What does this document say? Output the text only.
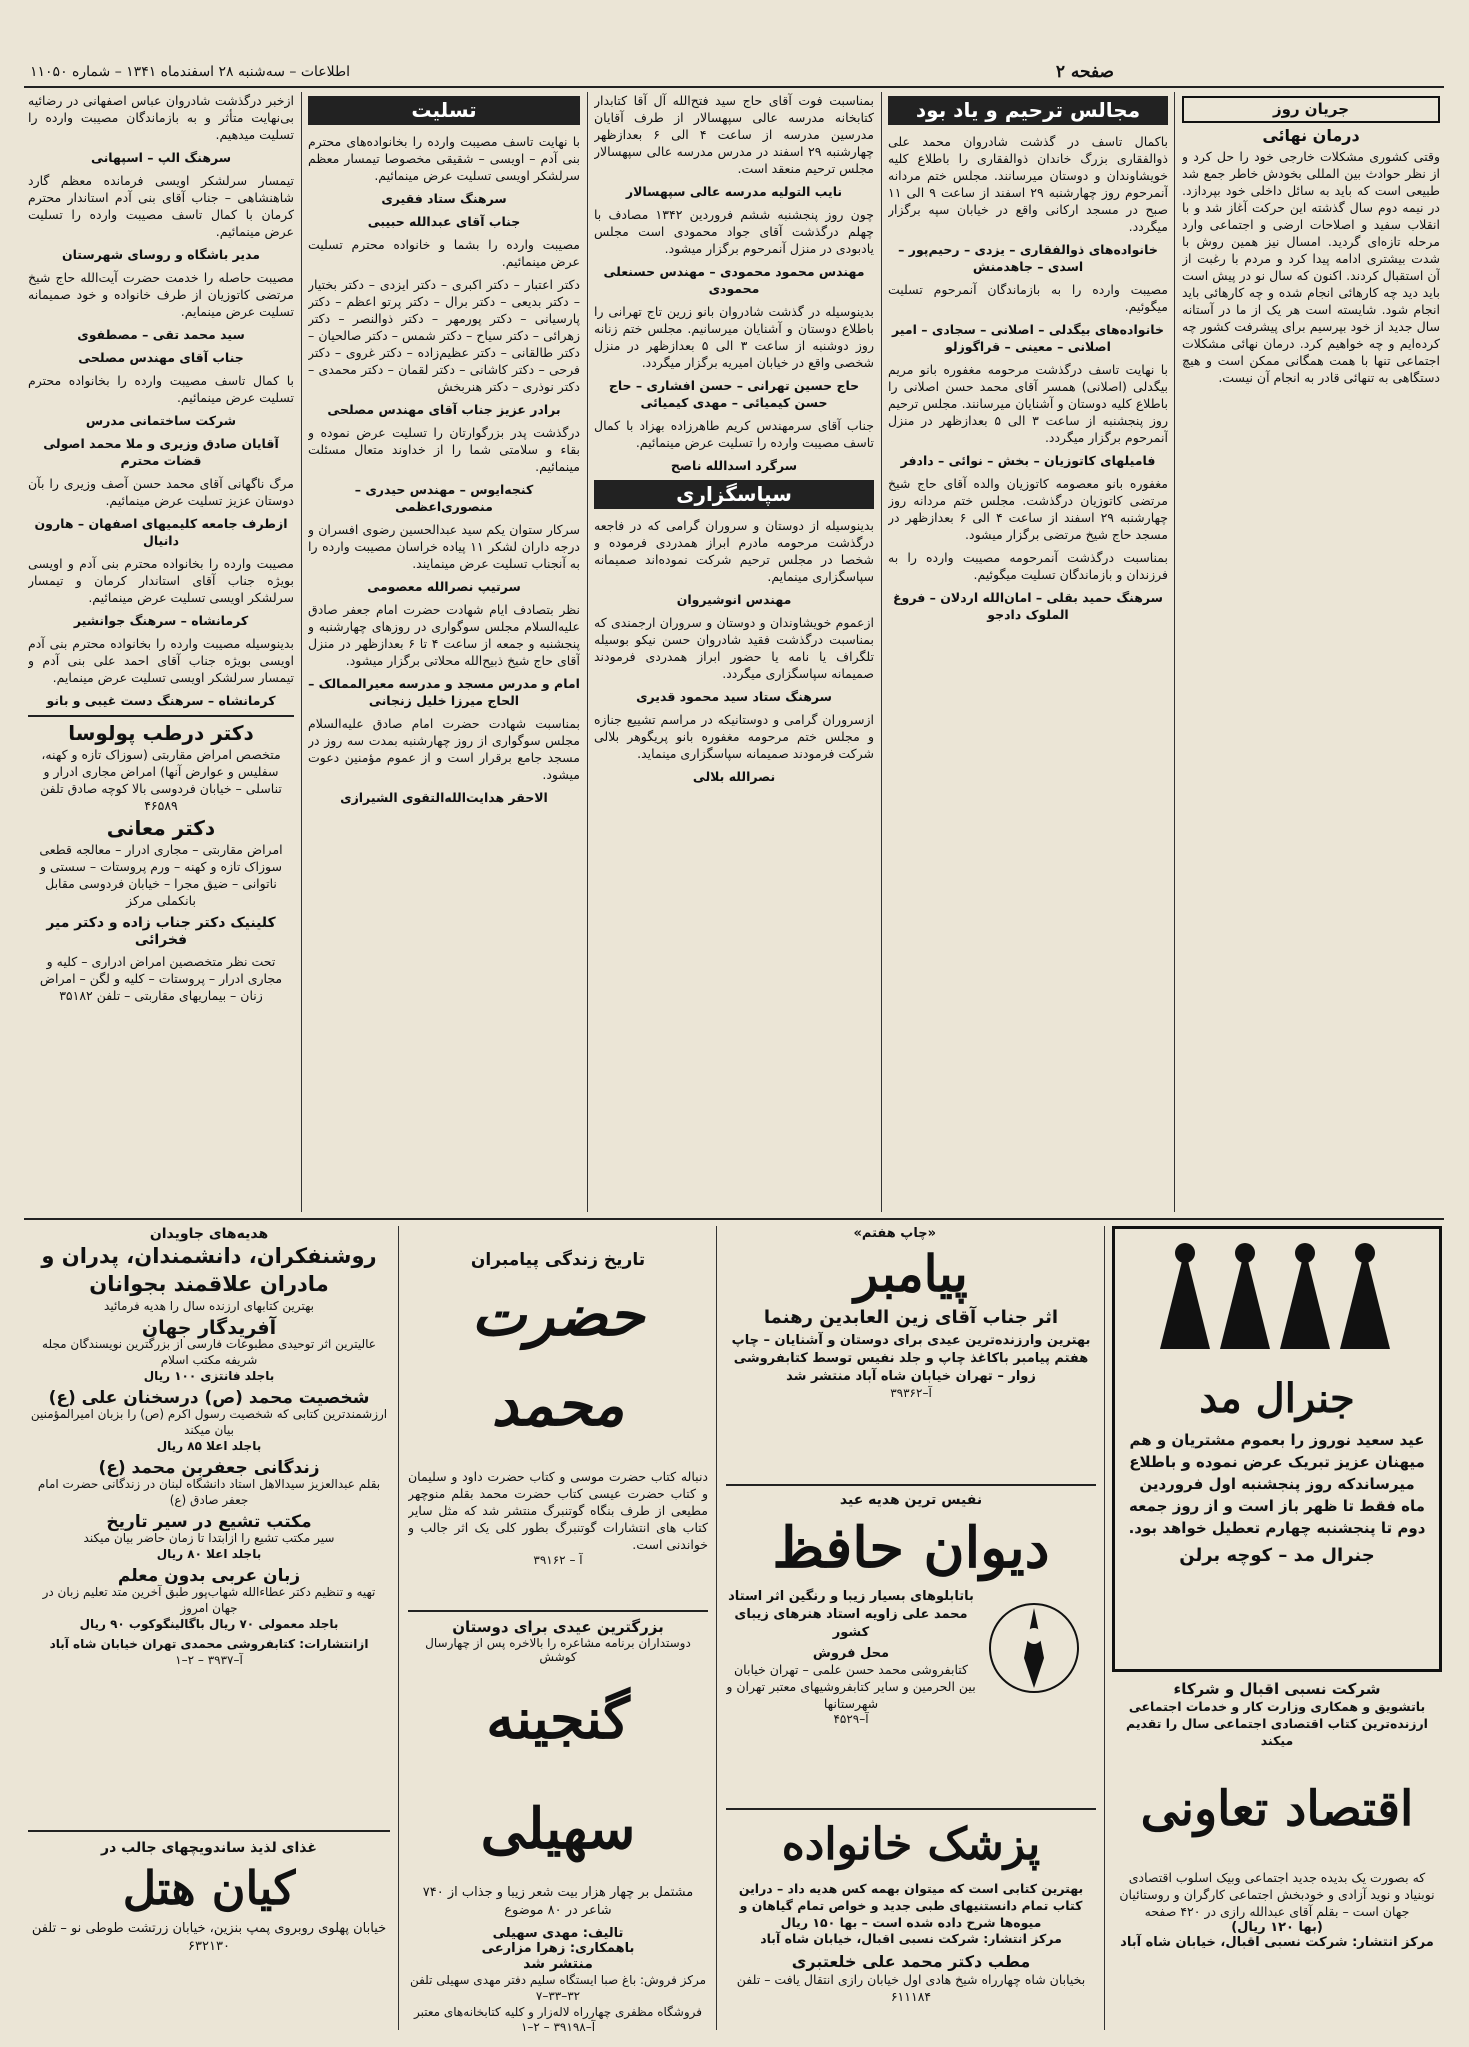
صفحه ۲
اطلاعات – سه‌شنبه ۲۸ اسفندماه ۱۳۴۱ – شماره ۱۱۰۵۰
جریان روز
درمان نهائی

وقتی کشوری مشکلات خارجی خود را حل کرد و از نظر حوادث بین المللی بخودش خاطر جمع شد طبیعی است که باید به سائل داخلی خود بپردازد. در نیمه دوم سال گذشته این حرکت آغاز شد و با انقلاب سفید و اصلاحات ارضی و اجتماعی وارد مرحله تازه‌ای گردید. امسال نیز همین روش با شدت بیشتری ادامه پیدا کرد و مردم با رغبت از آن استقبال کردند. اکنون که سال نو در پیش است باید دید چه کارهائی انجام شده و چه کارهائی باید انجام شود. شایسته است هر یک از ما در آستانه سال جدید از خود بپرسیم برای پیشرفت کشور چه کرده‌ایم و چه خواهیم کرد. درمان نهائی مشکلات اجتماعی تنها با همت همگانی ممکن است و هیچ دستگاهی به تنهائی قادر به انجام آن نیست.

مجالس ترحیم و یاد بود

باکمال تاسف در گذشت شادروان محمد علی ذوالفقاری بزرگ خاندان ذوالفقاری را باطلاع کلیه خویشاوندان و دوستان میرسانند. مجلس ختم مردانه آنمرحوم روز چهارشنبه ۲۹ اسفند از ساعت ۹ الی ۱۱ صبح در مسجد ارکانی واقع در خیابان سپه برگزار میگردد.

خانواده‌های ذوالفقاری – یزدی – رحیم‌پور – اسدی – جاهدمنش

مصیبت وارده را به بازماندگان آنمرحوم تسلیت میگوئیم.

خانواده‌های بیگدلی – اصلانی – سجادی – امیر اصلانی – معینی – قراگوزلو

با نهایت تاسف درگذشت مرحومه مغفوره بانو مریم بیگدلی (اصلانی) همسر آقای محمد حسن اصلانی را باطلاع کلیه دوستان و آشنایان میرسانند. مجلس ترحیم روز پنجشنبه از ساعت ۳ الی ۵ بعدازظهر در منزل آنمرحوم برگزار میگردد.

فامیلهای کاتوزیان – بخش – نوائی – دادفر

مغفوره بانو معصومه کاتوزیان والده آقای حاج شیخ مرتضی کاتوزیان درگذشت. مجلس ختم مردانه روز چهارشنبه ۲۹ اسفند از ساعت ۴ الی ۶ بعدازظهر در مسجد حاج شیخ مرتضی برگزار میشود.

بمناسبت درگذشت آنمرحومه مصیبت وارده را به فرزندان و بازماندگان تسلیت میگوئیم.

سرهنگ حمید بقلی – امان‌الله اردلان – فروغ الملوک دادجو

بمناسبت فوت آقای حاج سید فتح‌الله آل آقا کتابدار کتابخانه مدرسه عالی سپهسالار از طرف آقایان مدرسین مدرسه از ساعت ۴ الی ۶ بعدازظهر چهارشنبه ۲۹ اسفند در مدرس مدرسه عالی سپهسالار مجلس ترحیم منعقد است.

نایب التولیه مدرسه عالی سپهسالار

چون روز پنجشنبه ششم فروردین ۱۳۴۲ مصادف با چهلم درگذشت آقای جواد محمودی است مجلس یادبودی در منزل آنمرحوم برگزار میشود.

مهندس محمود محمودی – مهندس حسنعلی محمودی

بدینوسیله در گذشت شادروان بانو زرین تاج تهرانی را باطلاع دوستان و آشنایان میرسانیم. مجلس ختم زنانه روز دوشنبه از ساعت ۳ الی ۵ بعدازظهر در منزل شخصی واقع در خیابان امیریه برگزار میگردد.

حاج حسین تهرانی – حسن افشاری – حاج حسن کیمیائی – مهدی کیمیائی

جناب آقای سرمهندس کریم طاهرزاده بهزاد با کمال تاسف مصیبت وارده را تسلیت عرض مینمائیم.

سرگرد اسدالله ناصح

سپاسگزاری

بدینوسیله از دوستان و سروران گرامی که در فاجعه درگذشت مرحومه مادرم ابراز همدردی فرموده و شخصا در مجلس ترحیم شرکت نموده‌اند صمیمانه سپاسگزاری مینمایم.

مهندس انوشیروان

ازعموم خویشاوندان و دوستان و سروران ارجمندی که بمناسبت درگذشت فقید شادروان حسن نیکو بوسیله تلگراف یا نامه یا حضور ابراز همدردی فرمودند صمیمانه سپاسگزاری میگردد.

سرهنگ ستاد سید محمود قدیری

ازسروران گرامی و دوستانیکه در مراسم تشییع جنازه و مجلس ختم مرحومه مغفوره بانو پریگوهر بلالی شرکت فرمودند صمیمانه سپاسگزاری مینماید.

نصرالله بلالی

تسلیت

با نهایت تاسف مصیبت وارده را بخانواده‌های محترم بنی آدم – اویسی – شقیقی مخصوصا تیمسار معظم سرلشکر اویسی تسلیت عرض مینمائیم.

سرهنگ ستاد فقیری

جناب آقای عبدالله حبیبی

مصیبت وارده را بشما و خانواده محترم تسلیت عرض مینمائیم.

دکتر اعتبار – دکتر اکبری – دکتر ایزدی – دکتر بختیار – دکتر بدیعی – دکتر برال – دکتر پرتو اعظم – دکتر پارسیانی – دکتر پورمهر – دکتر ذوالنصر – دکتر زهرائی – دکتر سیاح – دکتر شمس – دکتر صالحیان – دکتر طالقانی – دکتر عظیم‌زاده – دکتر غروی – دکتر فرحی – دکتر کاشانی – دکتر لقمان – دکتر محمدی – دکتر نوذری – دکتر هنربخش

برادر عزیز جناب آقای مهندس مصلحی

درگذشت پدر بزرگوارتان را تسلیت عرض نموده و بقاء و سلامتی شما را از خداوند متعال مسئلت مینمائیم.

کنجه‌ایوس – مهندس حیدری – منصوری‌اعظمی

سرکار ستوان یکم سید عبدالحسین رضوی افسران و درجه داران لشکر ۱۱ پیاده خراسان مصیبت وارده را به آنجناب تسلیت عرض مینمایند.

سرتیپ نصرالله معصومی

نظر بتصادف ایام شهادت حضرت امام جعفر صادق علیه‌السلام مجلس سوگواری در روزهای چهارشنبه و پنجشنبه و جمعه از ساعت ۴ تا ۶ بعدازظهر در منزل آقای حاج شیخ ذبیح‌الله محلاتی برگزار میشود.

امام و مدرس مسجد و مدرسه معیرالممالک – الحاج میرزا خلیل زنجانی

بمناسبت شهادت حضرت امام صادق علیه‌السلام مجلس سوگواری از روز چهارشنبه بمدت سه روز در مسجد جامع برقرار است و از عموم مؤمنین دعوت میشود.

الاحقر هدایت‌الله‌التقوی الشیرازی

ازخبر درگذشت شادروان عباس اصفهانی در رضائیه بی‌نهایت متأثر و به بازماندگان مصیبت وارده را تسلیت میدهیم.

سرهنگ الپ – اسپهانی

تیمسار سرلشکر اویسی فرمانده معظم گارد شاهنشاهی – جناب آقای بنی آدم استاندار محترم کرمان با کمال تاسف مصیبت وارده را تسلیت عرض مینمائیم.

مدیر باشگاه و روسای شهرستان

مصیبت حاصله را خدمت حضرت آیت‌الله حاج شیخ مرتضی کاتوزیان از طرف خانواده و خود صمیمانه تسلیت عرض مینمایم.

سید محمد تقی – مصطفوی

جناب آقای مهندس مصلحی

با کمال تاسف مصیبت وارده را بخانواده محترم تسلیت عرض مینمائیم.

شرکت ساختمانی مدرس

آقایان صادق وزیری و ملا محمد اصولی قضات محترم

مرگ ناگهانی آقای محمد حسن آصف وزیری را بآن دوستان عزیز تسلیت عرض مینمائیم.

ازطرف جامعه کلیمیهای اصفهان – هارون دانیال

مصیبت وارده را بخانواده محترم بنی آدم و اویسی بویژه جناب آقای استاندار کرمان و تیمسار سرلشکر اویسی تسلیت عرض مینمائیم.

کرمانشاه – سرهنگ جوانشیر

بدینوسیله مصیبت وارده را بخانواده محترم بنی آدم اویسی بویژه جناب آقای احمد علی بنی آدم و تیمسار سرلشکر اویسی تسلیت عرض مینمایم.

کرمانشاه – سرهنگ دست غیبی و بانو

دکتر درطب پولوسا

متخصص امراض مقاربتی (سوزاک تازه و کهنه، سفلیس و عوارض آنها) امراض مجاری ادرار و تناسلی – خیابان فردوسی بالا کوچه صادق تلفن ۴۶۵۸۹

دکتر معانی

امراض مقاربتی – مجاری ادرار – معالجه قطعی سوزاک تازه و کهنه – ورم پروستات – سستی و ناتوانی – ضیق مجرا – خیابان فردوسی مقابل بانکملی مرکز

کلینیک دکتر جناب زاده و دکتر میر فخرائی

تحت نظر متخصصین امراض ادراری – کلیه و مجاری ادرار – پروستات – کلیه و لگن – امراض زنان – بیماریهای مقاربتی – تلفن ۳۵۱۸۲

هدیه‌های جاویدان
روشنفکران، دانشمندان، پدران و مادران علاقمند بجوانان
بهترین کتابهای ارزنده سال را هدیه فرمائید
آفریدگار جهان
عالیترین اثر توحیدی مطبوعات فارسی از بزرگترین نویسندگان مجله شریفه مکتب اسلام
باجلد فانتزی ۱۰۰ ریال
شخصیت محمد (ص) درسخنان علی (ع)
ارزشمندترین کتابی که شخصیت رسول اکرم (ص) را بزبان امیرالمؤمنین بیان میکند
باجلد اعلا ۸۵ ریال
زندگانی جعفربن محمد (ع)
بقلم عبدالعزیز سیدالاهل استاد دانشگاه لبنان در زندگانی حضرت امام جعفر صادق (ع)
مکتب تشیع در سیر تاریخ
سیر مکتب تشیع را ازابتدا تا زمان حاضر بیان میکند
باجلد اعلا ۸۰ ریال
زبان عربی بدون معلم
تهیه و تنظیم دکتر عطاءالله شهاب‌پور طبق آخرین متد تعلیم زبان در جهان امروز
باجلد معمولی ۷۰ ریال باگالینگوکوب ۹۰ ریال
ازانتشارات: کتابفروشی محمدی تهران خیابان شاه آباد
آ–۳۹۳۷ – ۲–۱
غذای لذیذ ساندویچهای جالب در
کیان هتل
خیابان پهلوی روبروی پمپ بنزین، خیابان زرتشت طوطی نو – تلفن ۶۳۲۱۳۰
تاریخ زندگی پیامبران
حضرت محمد
دنباله کتاب حضرت موسی و کتاب حضرت داود و سلیمان و کتاب حضرت عیسی کتاب حضرت محمد بقلم منوچهر مطیعی از طرف بنگاه گوتنبرگ منتشر شد که مثل سایر کتاب های انتشارات گوتنبرگ بطور کلی یک اثر جالب و خواندنی است.
آ – ۳۹۱۶۲
بزرگترین عیدی برای دوستان
دوستداران برنامه مشاعره را بالاخره پس از چهارسال کوشش
گنجینه سهیلی
مشتمل بر چهار هزار بیت شعر زیبا و جذاب از ۷۴۰ شاعر در ۸۰ موضوع
تالیف: مهدی سهیلی
باهمکاری: زهرا مزارعی
منتشر شد
مرکز فروش: باغ صبا ایستگاه سلیم دفتر مهدی سهیلی تلفن ۳۲–۳۳–۷
فروشگاه مظفری چهارراه لاله‌زار و کلیه کتابخانه‌های معتبر
آ–۳۹۱۹۸ – ۲–۱
«چاپ هفتم»
پیامبر
اثر جناب آقای زین العابدین رهنما
بهترین وارزنده‌ترین عیدی برای دوستان و آشنایان – چاپ هفتم پیامبر باکاغذ چاپ و جلد نفیس توسط کتابفروشی زوار – تهران خیابان شاه آباد منتشر شد
آ–۳۹۳۶۲
نفیس ترین هدیه عید
دیوان حافظ
باتابلوهای بسیار زیبا و رنگین اثر استاد محمد علی زاویه استاد هنرهای زیبای کشور
محل فروش
کتابفروشی محمد حسن علمی – تهران خیابان بین الحرمین و سایر کتابفروشیهای معتبر تهران و شهرستانها
آ–۴۵۲۹
پزشک خانواده
بهترین کتابی است که میتوان بهمه کس هدیه داد – دراین کتاب تمام دانستنیهای طبی جدید و خواص تمام گیاهان و میوه‌ها شرح داده شده است – بها ۱۵۰ ریال
مرکز انتشار: شرکت نسبی اقبال، خیابان شاه آباد
مطب دکتر محمد علی خلعتبری
بخیابان شاه چهارراه شیخ هادی اول خیابان رازی انتقال یافت – تلفن ۶۱۱۱۸۴
جنرال مد
عید سعید نوروز را بعموم مشتریان و هم میهنان عزیز تبریک عرض نموده و باطلاع میرساندکه روز پنجشنبه اول فروردین ماه فقط تا ظهر باز است و از روز جمعه دوم تا پنجشنبه چهارم تعطیل خواهد بود.
جنرال مد – کوچه برلن
شرکت نسبی اقبال و شرکاء
باتشویق و همکاری وزارت کار و خدمات اجتماعی ارزنده‌ترین کتاب اقتصادی اجتماعی سال را تقدیم میکند
اقتصاد تعاونی
که بصورت یک بدیده جدید اجتماعی وبیک اسلوب اقتصادی نوبنیاد و نوید آزادی و خودبخش اجتماعی کارگران و روستائیان جهان است – بقلم آقای عبدالله رازی در ۴۲۰ صفحه
(بها ۱۲۰ ریال)
مرکز انتشار: شرکت نسبی اقبال، خیابان شاه آباد
